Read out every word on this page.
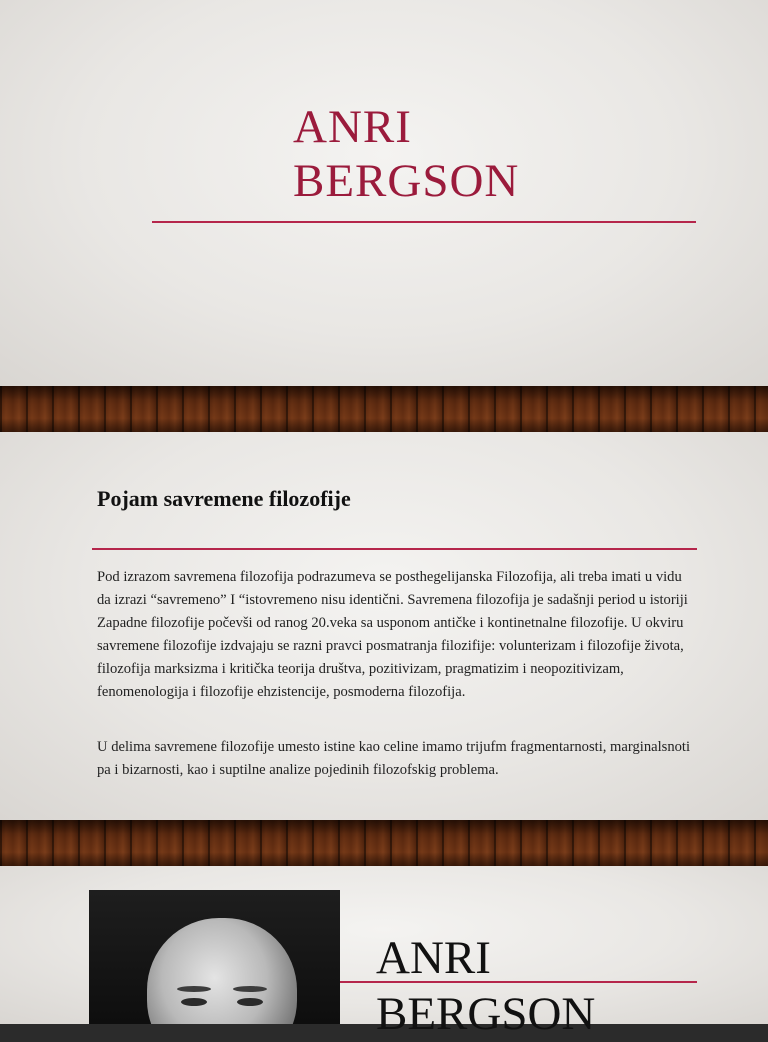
ANRI
BERGSON
Pojam savremene filozofije

Pod izrazom savremena filozofija podrazumeva se posthegelijanska Filozofija, ali treba imati u vidu da izrazi “savremeno” I “istovremeno nisu identični. Savremena filozofija je sadašnji period u istoriji Zapadne filozofije počevši od ranog 20.veka sa usponom antičke i kontinetnalne filozofije. U okviru savremene filozofije izdvajaju se razni pravci posmatranja filozifije: volunterizam i filozofije života, filozofija marksizma i kritička teorija društva, pozitivizam, pragmatizim i neopozitivizam, fenomenologija i filozofije ehzistencije, posmoderna filozofija.

U delima savremene filozofije umesto istine kao celine imamo trijufm fragmentarnosti, marginalsnoti pa i bizarnosti, kao i suptilne analize pojedinih filozofskig problema.

ANRI
BERGSON
